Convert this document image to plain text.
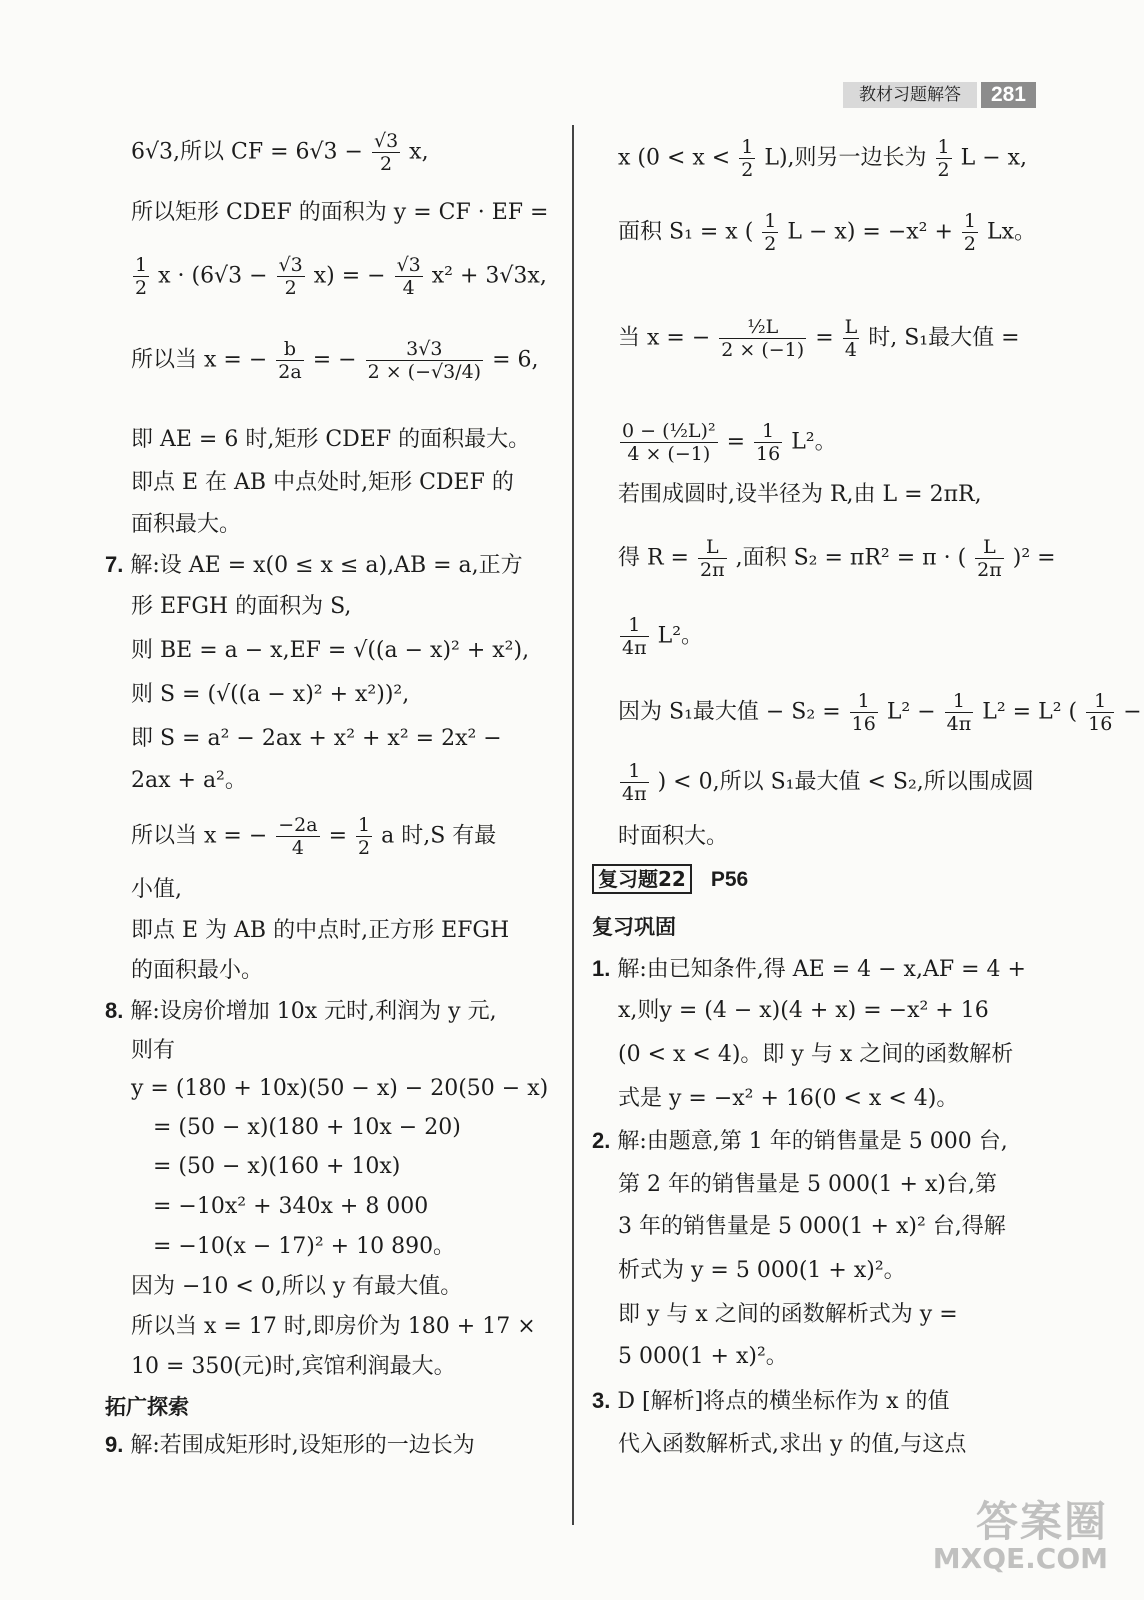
教材习题解答	281
6√3,所以 CF = $6√3 - \frac{√3}{2} x$,
所以矩形 CDEF 的面积为 y = CF · EF =
$\frac{1}{2}$ $x \cdot (6√3 - \frac{√3}{2} x)$ = − $\frac{√3}{4} x^2 + 3√3x$,
所以当 x = − $\frac{b}{2a}$ = − $\frac{3√3}{2 \times (-√3/4)} = 6$,
即 AE = 6 时,矩形 CDEF 的面积最大。
即点 E 在 AB 中点处时,矩形 CDEF 的
面积最大。
7. 解:设 AE = x(0 ≤ x ≤ a),AB = a,正方
形 EFGH 的面积为 S,
则 BE = a − x,EF = √((a − x)² + x²),
则 S = (√((a − x)² + x²))²,
即 S = a² − 2ax + x² + x² = 2x² −
2ax + a²。
所以当 x = − $\frac{-2a}{4} = \frac{1}{2}$ a 时,S 有最
小值,
即点 E 为 AB 的中点时,正方形 EFGH
的面积最小。
8. 解:设房价增加 10x 元时,利润为 y 元,
则有
y = (180 + 10x)(50 − x) − 20(50 − x)
= (50 − x)(180 + 10x − 20)
= (50 − x)(160 + 10x)
= −10x² + 340x + 8 000
= −10(x − 17)² + 10 890。
因为 −10 < 0,所以 y 有最大值。
所以当 x = 17 时,即房价为 180 + 17 ×
10 = 350(元)时,宾馆利润最大。
拓广探索
9. 解:若围成矩形时,设矩形的一边长为
x $(0 < x < \frac{1}{2} L)$,则另一边长为 $\frac{1}{2}$ L − x,
面积 S₁ = x ( $\frac{1}{2}$ $L - x) = -x^2 + \frac{1}{2}$ Lx。
当 x = − $\frac{\text{½L}}{2 \times (-1)} = \frac{L}{4}$ 时, S₁最大值 =
$\frac{\text{0 − (½L)²}}{4 \times (-1)} = \frac{1}{16} L^2$。
若围成圆时,设半径为 R,由 L = 2πR,
得 $R = \frac{L}{2\pi}$ ,面积 S₂ = πR² = π · ( $\frac{L}{2\pi} )^2$ =
$\frac{1}{4\pi} L^2$。
因为 S₁最大值 − $S_2 = \frac{1}{16} L^2 - \frac{1}{4\pi} L^2 = L^2$ ( $\frac{1}{16}$ −
$\frac{1}{4\pi}$ ) < 0,所以 S₁最大值 < S₂,所以围成圆
时面积大。
复习题22 P56
复习巩固
1. 解:由已知条件,得 AE = 4 − x,AF = 4 +
x,则y = (4 − x)(4 + x) = −x² + 16
(0 < x < 4)。即 y 与 x 之间的函数解析
式是 y = −x² + 16(0 < x < 4)。
2. 解:由题意,第 1 年的销售量是 5 000 台,
第 2 年的销售量是 5 000(1 + x)台,第
3 年的销售量是 5 000(1 + x)² 台,得解
析式为 y = 5 000(1 + x)²。
即 y 与 x 之间的函数解析式为 y =
5 000(1 + x)²。
3. D [解析]将点的横坐标作为 x 的值
代入函数解析式,求出 y 的值,与这点
答案圈
MXQE.COM
